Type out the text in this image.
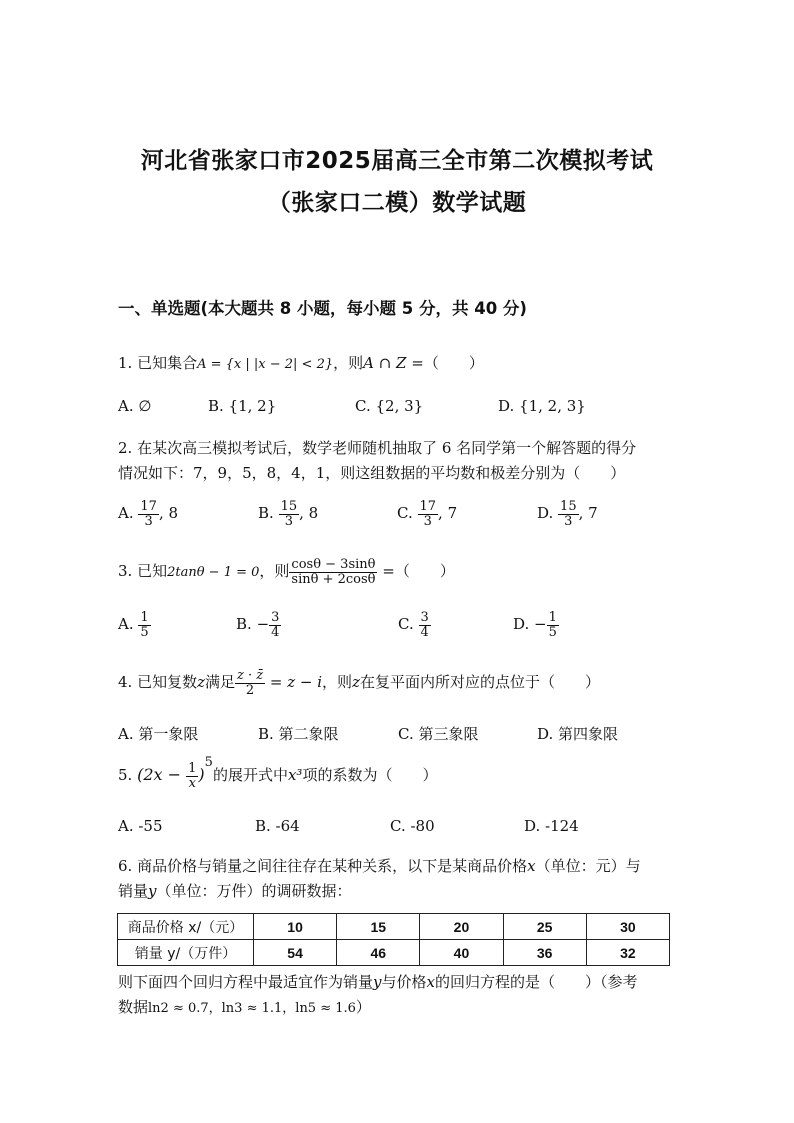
河北省张家口市2025届高三全市第二次模拟考试
（张家口二模）数学试题
一、单选题(本大题共 8 小题，每小题 5 分，共 40 分)
1. 已知集合A = {x | |x − 2| < 2}，则A ∩ Z =（　　）
A. ∅	B. {1, 2}	C. {2, 3}	D. {1, 2, 3}
2. 在某次高三模拟考试后，数学老师随机抽取了 6 名同学第一个解答题的得分
情况如下：7，9，5，8，4，1，则这组数据的平均数和极差分别为（　　）
A. $\frac{17}{3}$ , 8	B. $\frac{15}{3}$ , 8	C. $\frac{17}{3}$ , 7	D. $\frac{15}{3}$ , 7
3. 已知2tanθ − 1 = 0，则 $\frac{\cos\theta - 3\sin\theta}{\sin\theta + 2\cos\theta}$ =（　　）
A. $\frac{1}{5}$	B. − $\frac{3}{4}$	C. $\frac{3}{4}$	D. − $\frac{1}{5}$
4. 已知复数z满足 $\frac{z \cdot z̄}{2} = z - i$，则z在复平面内所对应的点位于（　　）
A. 第一象限	B. 第二象限	C. 第三象限	D. 第四象限
5. $(2x - \frac{1}{x} )^5$的展开式中x³项的系数为（　　）
A. -55	B. -64	C. -80	D. -124
6. 商品价格与销量之间往往存在某种关系，以下是某商品价格x（单位：元）与
销量y（单位：万件）的调研数据：
商品价格 x/（元）	10	15	20	25	30
销量 y/（万件）	54	46	40	36	32
则下面四个回归方程中最适宜作为销量y与价格x的回归方程的是（　　）（参考
数据ln2 ≈ 0.7，ln3 ≈ 1.1，ln5 ≈ 1.6）
